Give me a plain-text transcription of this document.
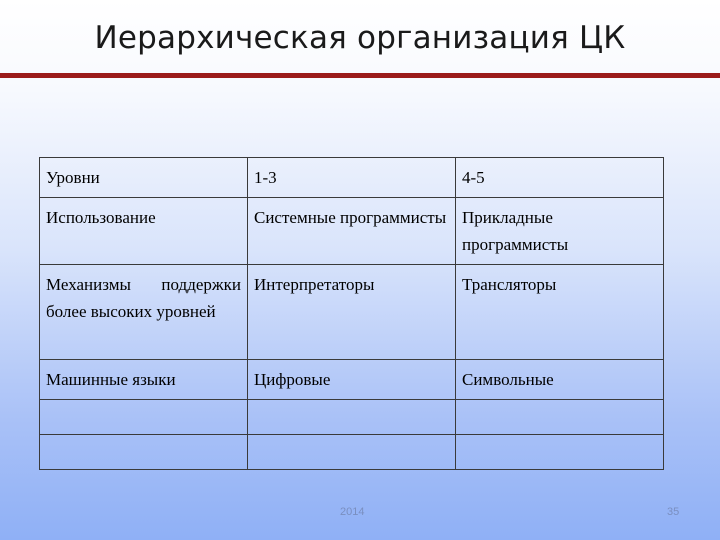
Иерархическая организация ЦК
Уровни	1-3	4-5
Использование	Системные программисты	Прикладные программисты
Механизмы поддержки более высоких уровней	Интерпретаторы	Трансляторы
Машинные языки	Цифровые	Символьные

2014	35
